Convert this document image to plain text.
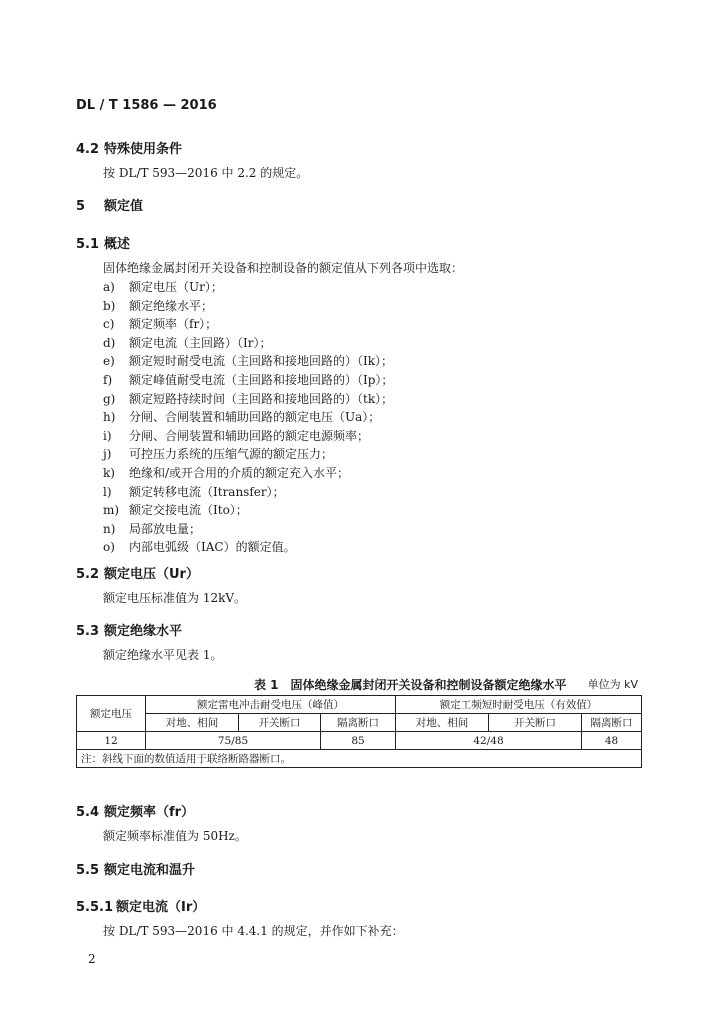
DL / T 1586 — 2016
4.2 特殊使用条件
按 DL/T 593—2016 中 2.2 的规定。
5 额定值
5.1 概述
固体绝缘金属封闭开关设备和控制设备的额定值从下列各项中选取：
a) 额定电压（Ur）；
b) 额定绝缘水平；
c) 额定频率（fr）；
d) 额定电流（主回路）（Ir）；
e) 额定短时耐受电流（主回路和接地回路的）（Ik）；
f) 额定峰值耐受电流（主回路和接地回路的）（Ip）；
g) 额定短路持续时间（主回路和接地回路的）（tk）；
h) 分闸、合闸装置和辅助回路的额定电压（Ua）；
i) 分闸、合闸装置和辅助回路的额定电源频率；
j) 可控压力系统的压缩气源的额定压力；
k) 绝缘和/或开合用的介质的额定充入水平；
l) 额定转移电流（Itransfer）；
m) 额定交接电流（Ito）；
n) 局部放电量；
o) 内部电弧级（IAC）的额定值。
5.2 额定电压（Ur）
额定电压标准值为 12kV。
5.3 额定绝缘水平
额定绝缘水平见表 1。
表 1　固体绝缘金属封闭开关设备和控制设备额定绝缘水平 单位为 kV
额定电压	额定雷电冲击耐受电压（峰值）			额定工频短时耐受电压（有效值）		
	对地、相间	开关断口	隔离断口	对地、相间	开关断口	隔离断口
12	75/85		85	42/48		48
注：斜线下面的数值适用于联络断路器断口。						
5.4 额定频率（fr）
额定频率标准值为 50Hz。
5.5 额定电流和温升
5.5.1 额定电流（Ir）
按 DL/T 593—2016 中 4.4.1 的规定，并作如下补充：
2
